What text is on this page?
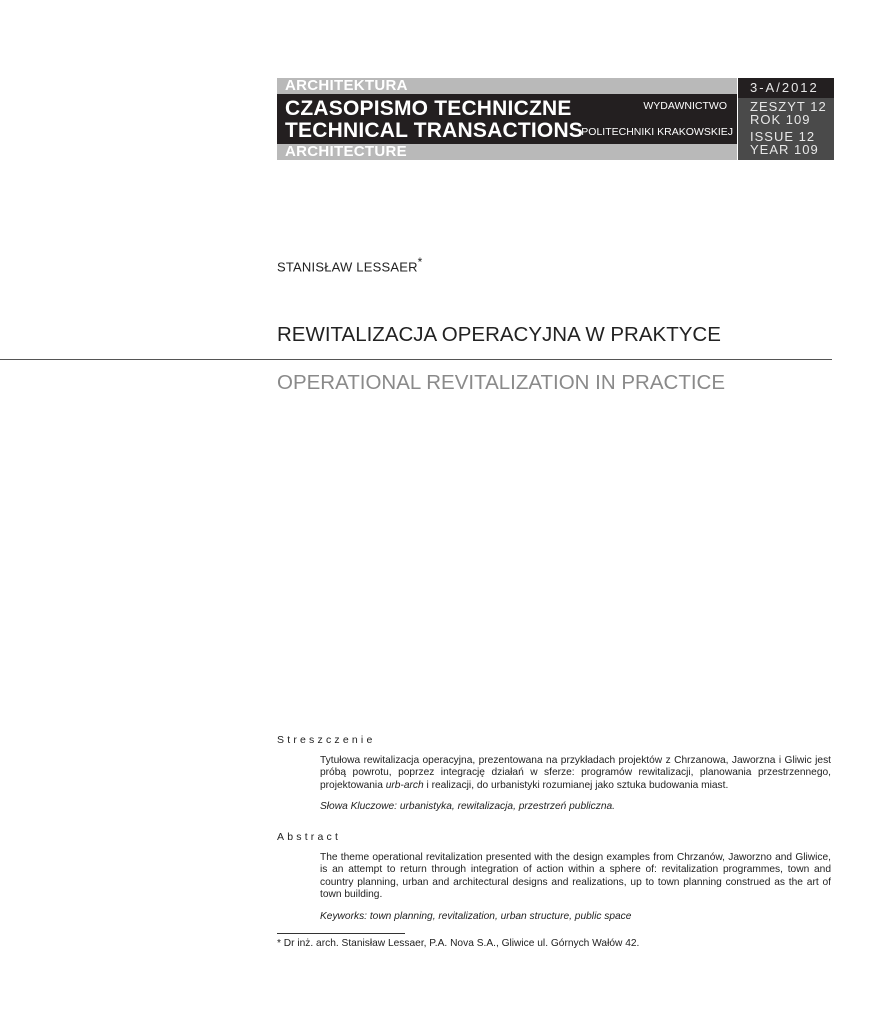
ARCHITEKTURA
CZASOPISMO TECHNICZNE
TECHNICAL TRANSACTIONS
WYDAWNICTWO
POLITECHNIKI KRAKOWSKIEJ
ARCHITECTURE
3-A/2012
ZESZYT 12
ROK 109
ISSUE 12
YEAR 109
STANISŁAW LESSAER*
REWITALIZACJA OPERACYJNA W PRAKTYCE
OPERATIONAL REVITALIZATION IN PRACTICE
Streszczenie
Tytułowa rewitalizacja operacyjna, prezentowana na przykładach projektów z Chrzanowa, Jaworzna i Gliwic jest próbą powrotu, poprzez integrację działań w sferze: programów rewitalizacji, planowania przestrzennego, projektowania urb-arch i realizacji, do urbanistyki rozumianej jako sztuka budowania miast.
Słowa Kluczowe: urbanistyka, rewitalizacja, przestrzeń publiczna.
Abstract
The theme operational revitalization presented with the design examples from Chrzanów, Jaworzno and Gliwice, is an attempt to return through integration of action within a sphere of: revitalization programmes, town and country planning, urban and architectural designs and realizations, up to town planning construed as the art of town building.
Keyworks: town planning, revitalization, urban structure, public space
* Dr inż. arch. Stanisław Lessaer, P.A. Nova S.A., Gliwice ul. Górnych Wałów 42.
